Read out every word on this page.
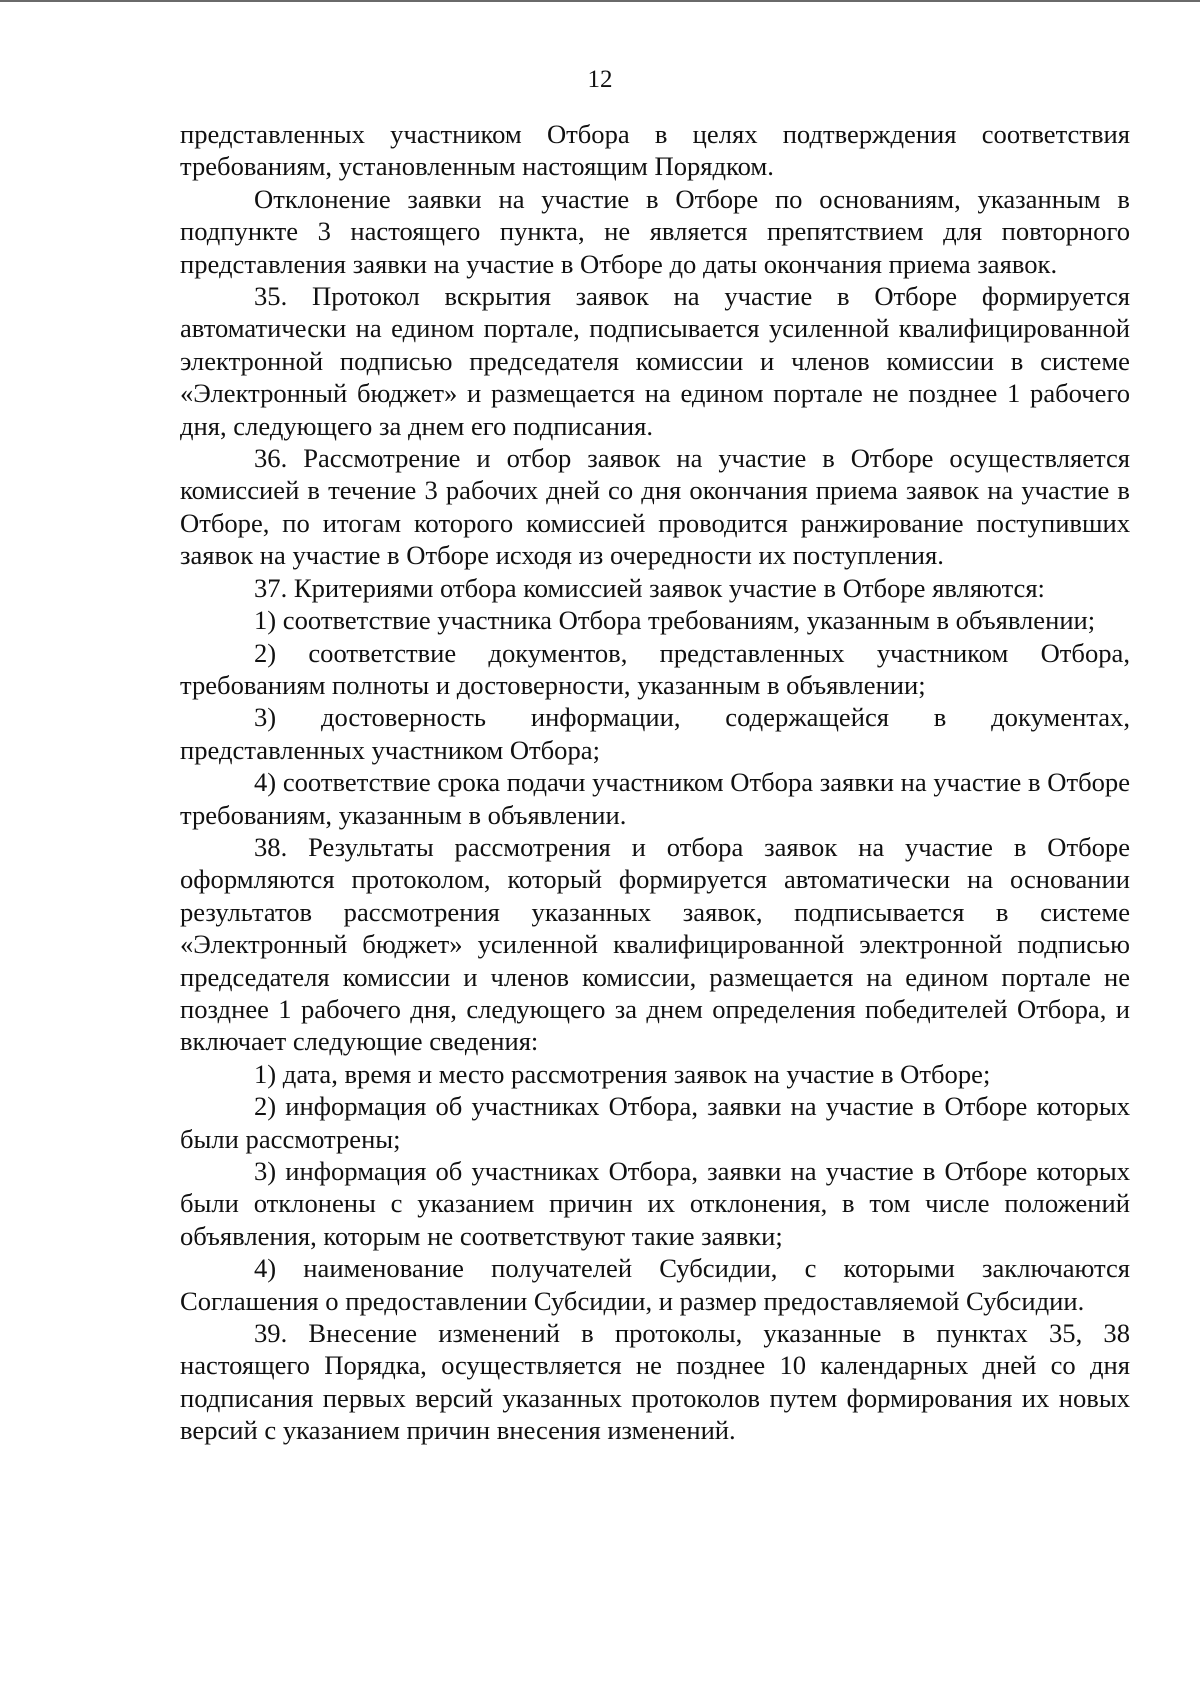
12

представленных участником Отбора в целях подтверждения соответствия требованиям, установленным настоящим Порядком.

Отклонение заявки на участие в Отборе по основаниям, указанным в подпункте 3 настоящего пункта, не является препятствием для повторного представления заявки на участие в Отборе до даты окончания приема заявок.

35. Протокол вскрытия заявок на участие в Отборе формируется автоматически на едином портале, подписывается усиленной квалифицированной электронной подписью председателя комиссии и членов комиссии в системе «Электронный бюджет» и размещается на едином портале не позднее 1 рабочего дня, следующего за днем его подписания.

36. Рассмотрение и отбор заявок на участие в Отборе осуществляется комиссией в течение 3 рабочих дней со дня окончания приема заявок на участие в Отборе, по итогам которого комиссией проводится ранжирование поступивших заявок на участие в Отборе исходя из очередности их поступления.

37. Критериями отбора комиссией заявок участие в Отборе являются:

1) соответствие участника Отбора требованиям, указанным в объявлении;

2) соответствие документов, представленных участником Отбора, требованиям полноты и достоверности, указанным в объявлении;

3) достоверность информации, содержащейся в документах, представленных участником Отбора;

4) соответствие срока подачи участником Отбора заявки на участие в Отборе требованиям, указанным в объявлении.

38. Результаты рассмотрения и отбора заявок на участие в Отборе оформляются протоколом, который формируется автоматически на основании результатов рассмотрения указанных заявок, подписывается в системе «Электронный бюджет» усиленной квалифицированной электронной подписью председателя комиссии и членов комиссии, размещается на едином портале не позднее 1 рабочего дня, следующего за днем определения победителей Отбора, и включает следующие сведения:

1) дата, время и место рассмотрения заявок на участие в Отборе;

2) информация об участниках Отбора, заявки на участие в Отборе которых были рассмотрены;

3) информация об участниках Отбора, заявки на участие в Отборе которых были отклонены с указанием причин их отклонения, в том числе положений объявления, которым не соответствуют такие заявки;

4) наименование получателей Субсидии, с которыми заключаются Соглашения о предоставлении Субсидии, и размер предоставляемой Субсидии.

39. Внесение изменений в протоколы, указанные в пунктах 35, 38 настоящего Порядка, осуществляется не позднее 10 календарных дней со дня подписания первых версий указанных протоколов путем формирования их новых версий с указанием причин внесения изменений.
